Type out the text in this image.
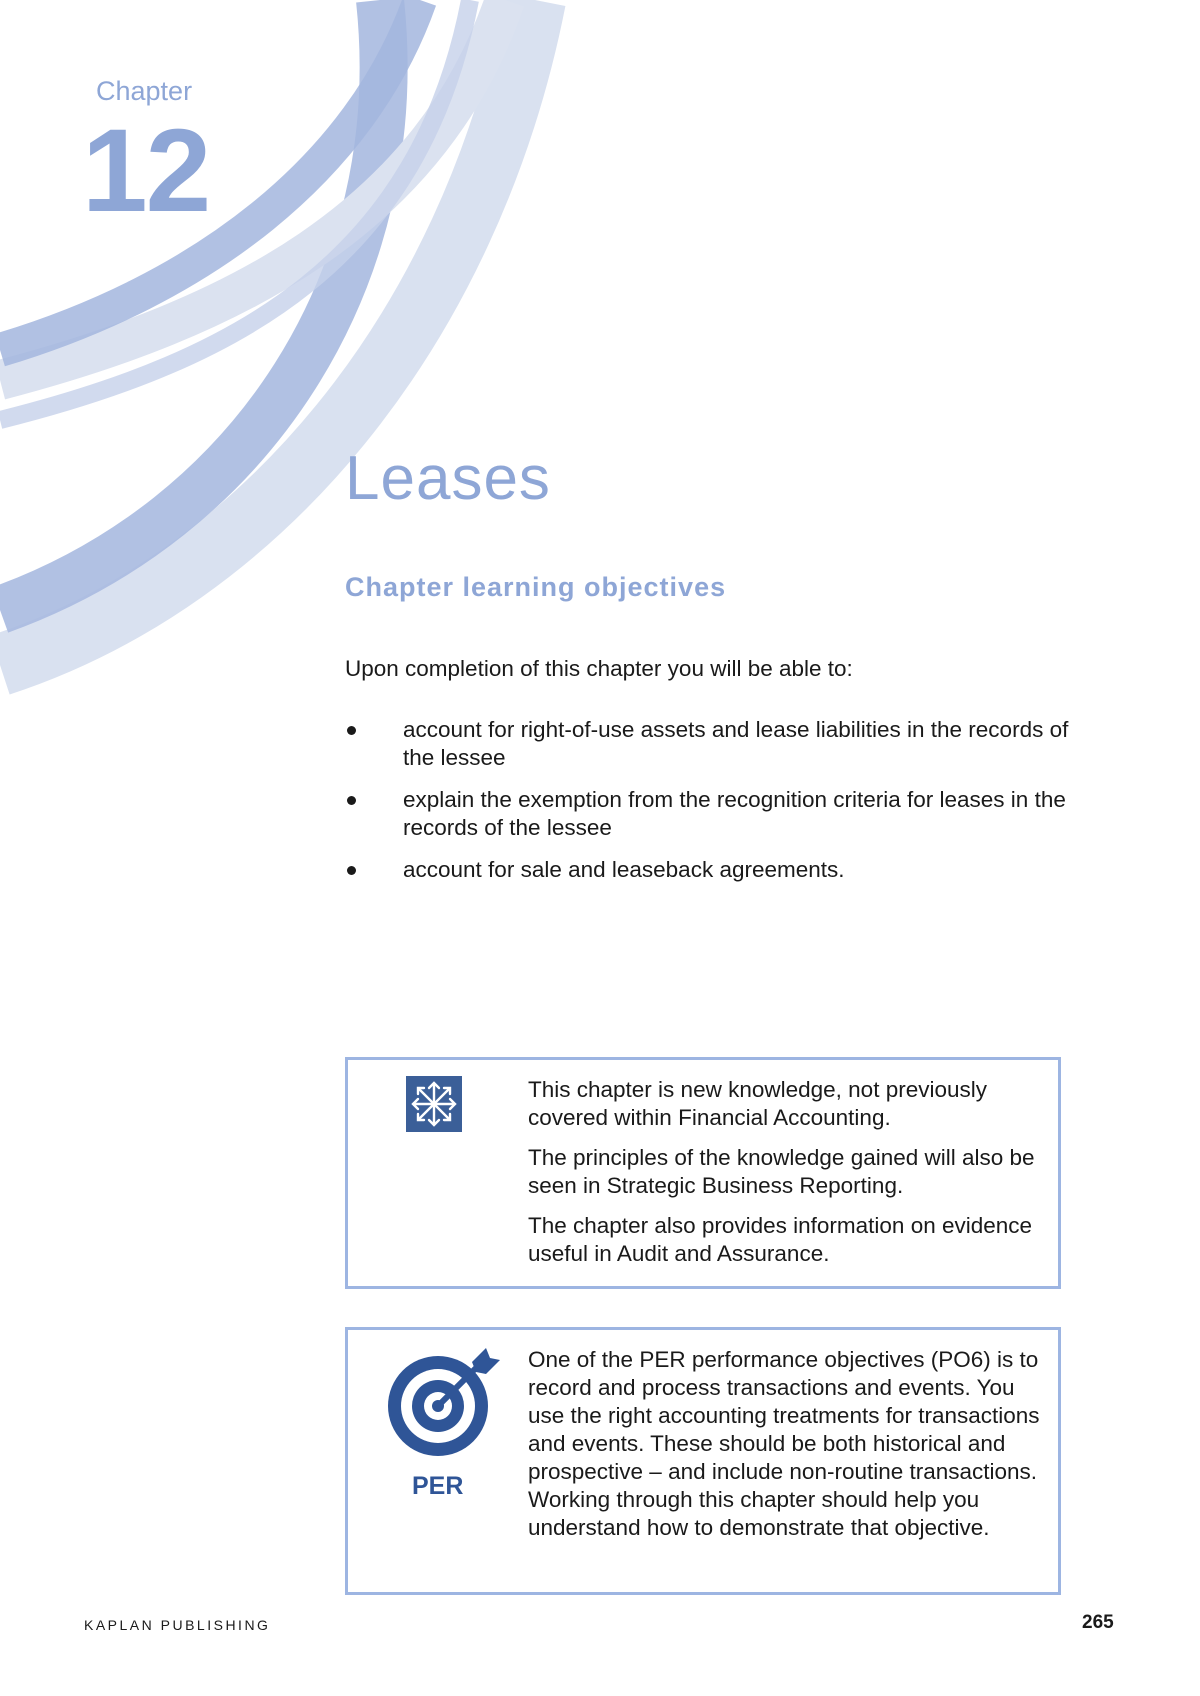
Chapter
12
Leases
Chapter learning objectives
Upon completion of this chapter you will be able to:
account for right-of-use assets and lease liabilities in the records of the lessee
explain the exemption from the recognition criteria for leases in the records of the lessee
account for sale and leaseback agreements.

This chapter is new knowledge, not previously covered within Financial Accounting.

The principles of the knowledge gained will also be seen in Strategic Business Reporting.

The chapter also provides information on evidence useful in Audit and Assurance.

PER

One of the PER performance objectives (PO6) is to record and process transactions and events. You use the right accounting treatments for transactions and events. These should be both historical and prospective – and include non-routine transactions. Working through this chapter should help you understand how to demonstrate that objective.

KAPLAN PUBLISHING	265
